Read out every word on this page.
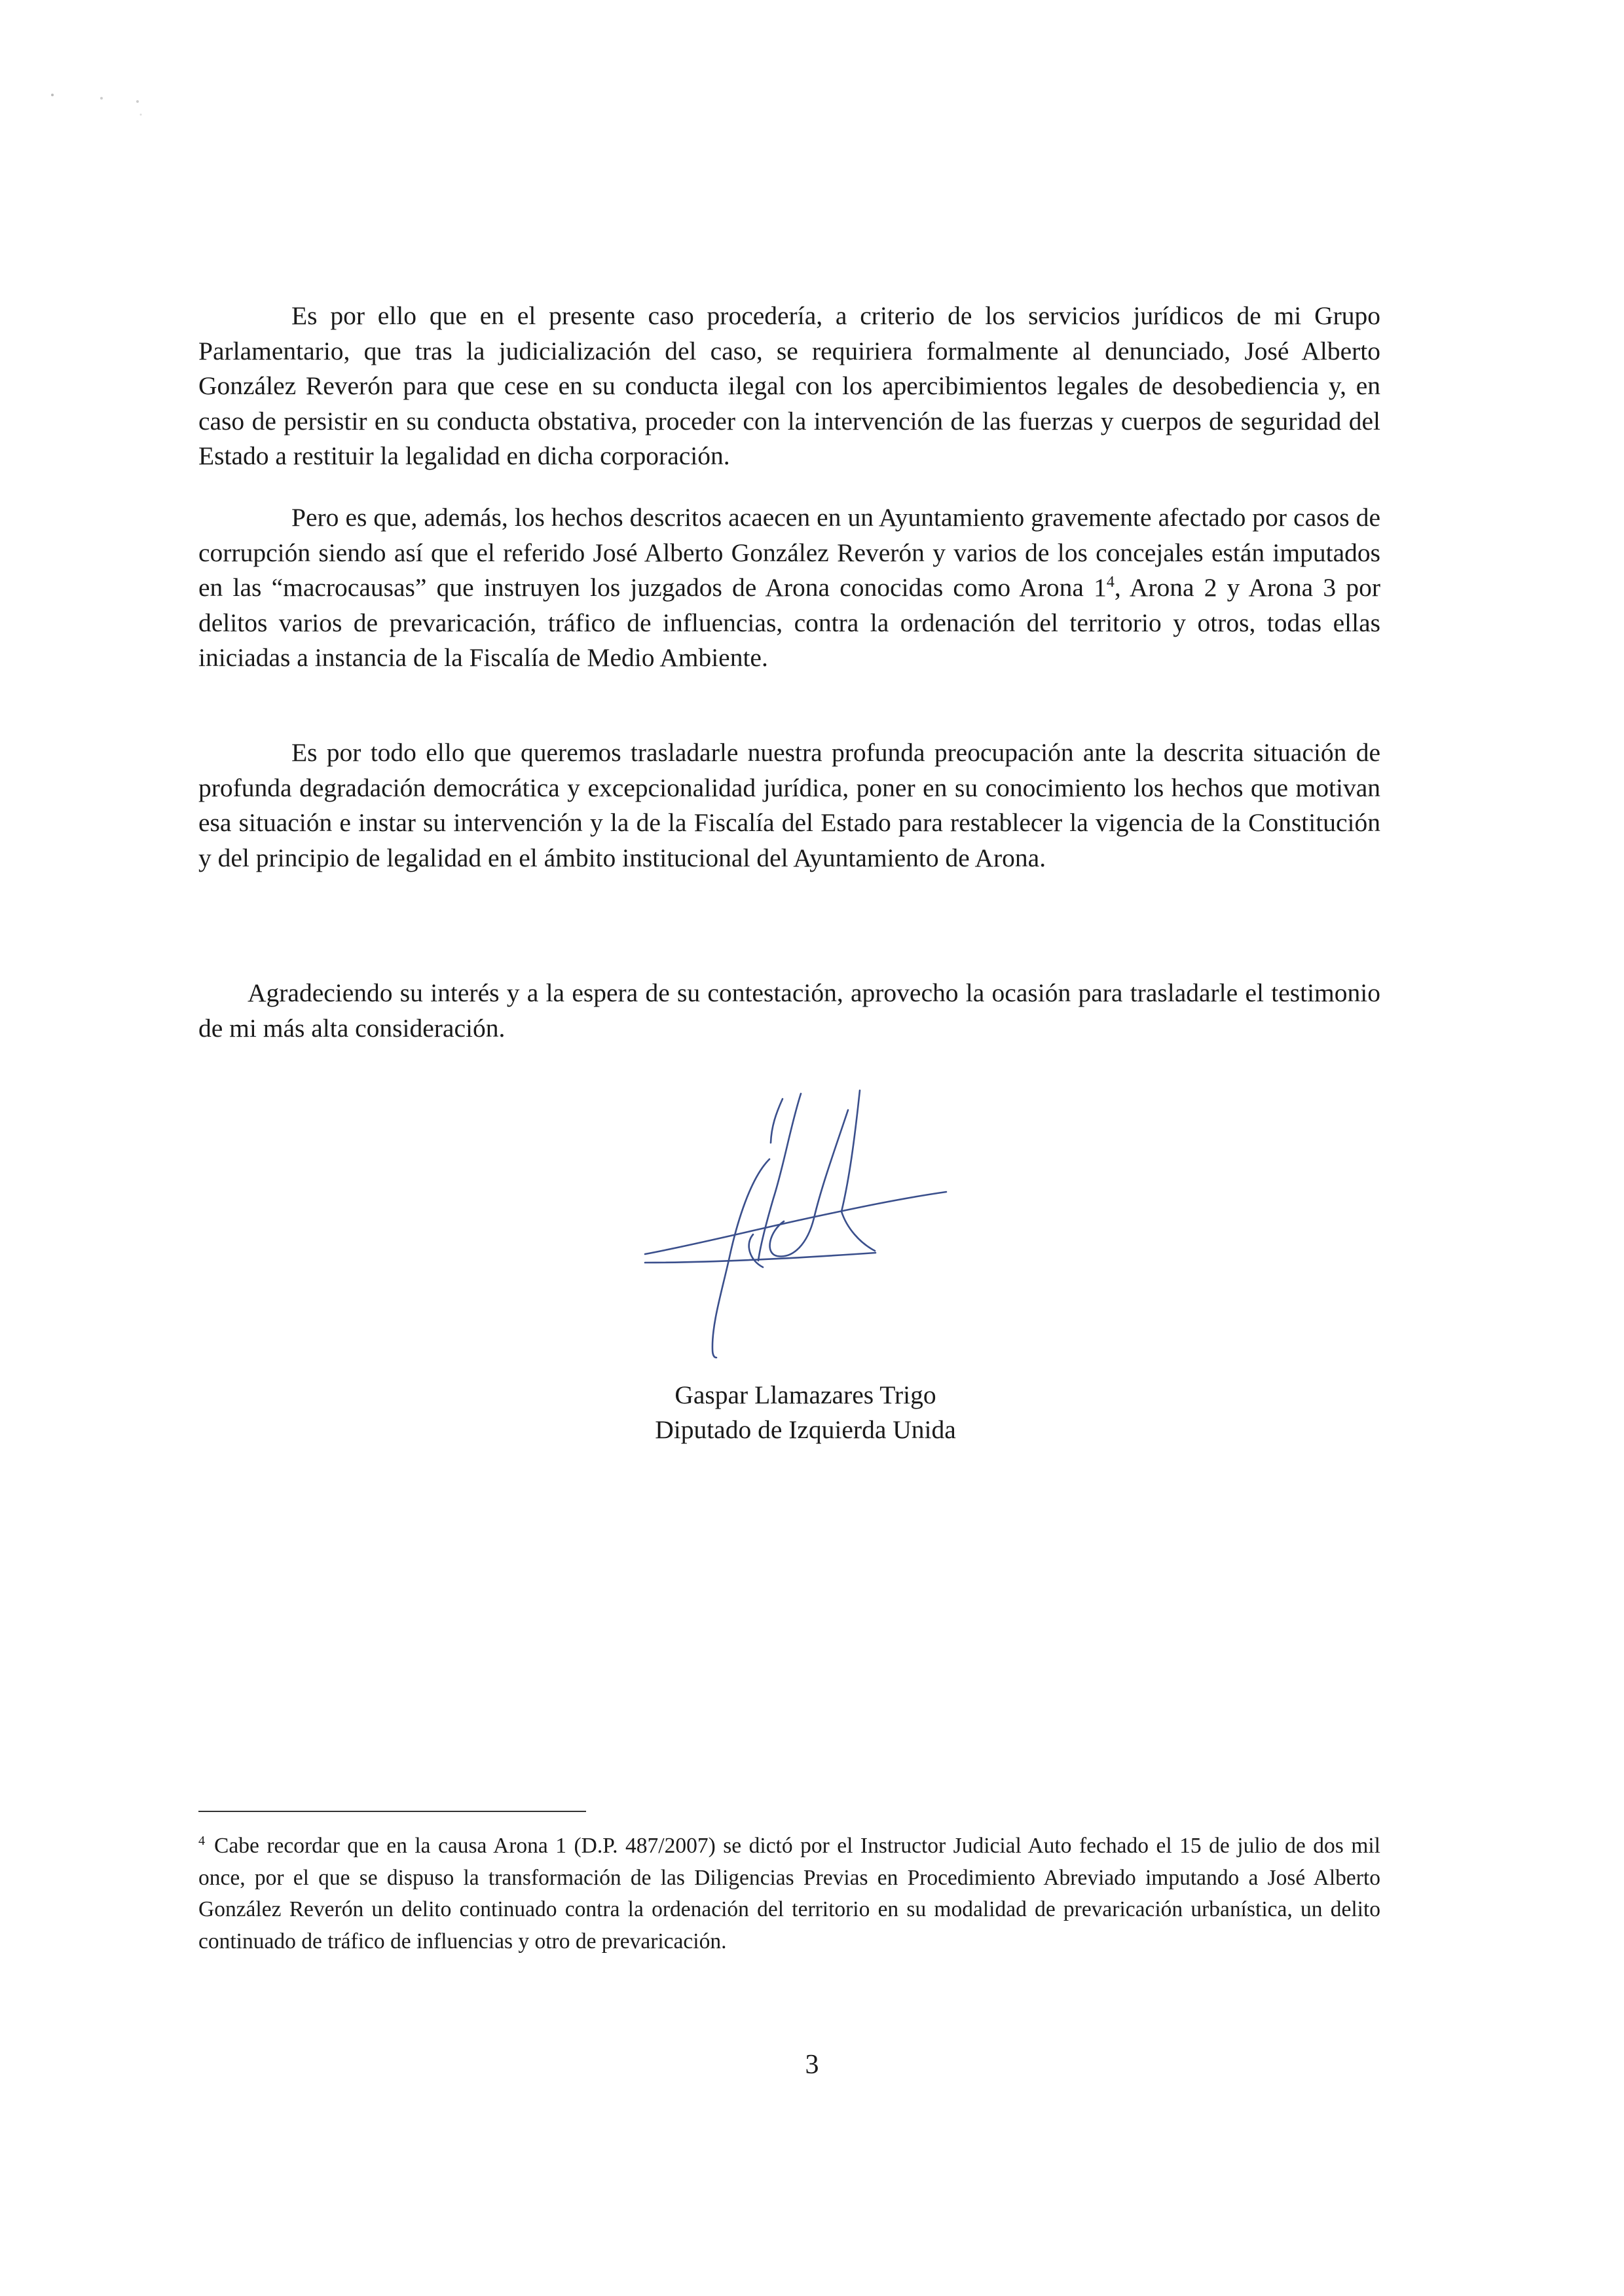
Es por ello que en el presente caso procedería, a criterio de los servicios jurídicos de mi Grupo Parlamentario, que tras la judicialización del caso, se requiriera formalmente al denunciado, José Alberto González Reverón para que cese en su conducta ilegal con los apercibimientos legales de desobediencia y, en caso de persistir en su conducta obstativa, proceder con la intervención de las fuerzas y cuerpos de seguridad del Estado a restituir la legalidad en dicha corporación.

Pero es que, además, los hechos descritos acaecen en un Ayuntamiento gravemente afectado por casos de corrupción siendo así que el referido José Alberto González Reverón y varios de los concejales están imputados en las “macrocausas” que instruyen los juzgados de Arona conocidas como Arona $1^4$, Arona 2 y Arona 3 por delitos varios de prevaricación, tráfico de influencias, contra la ordenación del territorio y otros, todas ellas iniciadas a instancia de la Fiscalía de Medio Ambiente.

Es por todo ello que queremos trasladarle nuestra profunda preocupación ante la descrita situación de profunda degradación democrática y excepcionalidad jurídica, poner en su conocimiento los hechos que motivan esa situación e instar su intervención y la de la Fiscalía del Estado para restablecer la vigencia de la Constitución y del principio de legalidad en el ámbito institucional del Ayuntamiento de Arona.

Agradeciendo su interés y a la espera de su contestación, aprovecho la ocasión para trasladarle el testimonio de mi más alta consideración.

Gaspar Llamazares Trigo

Diputado de Izquierda Unida

$^4$ Cabe recordar que en la causa Arona 1 (D.P. 487/2007) se dictó por el Instructor Judicial Auto fechado el 15 de julio de dos mil once, por el que se dispuso la transformación de las Diligencias Previas en Procedimiento Abreviado imputando a José Alberto González Reverón un delito continuado contra la ordenación del territorio en su modalidad de prevaricación urbanística, un delito continuado de tráfico de influencias y otro de prevaricación.

3
